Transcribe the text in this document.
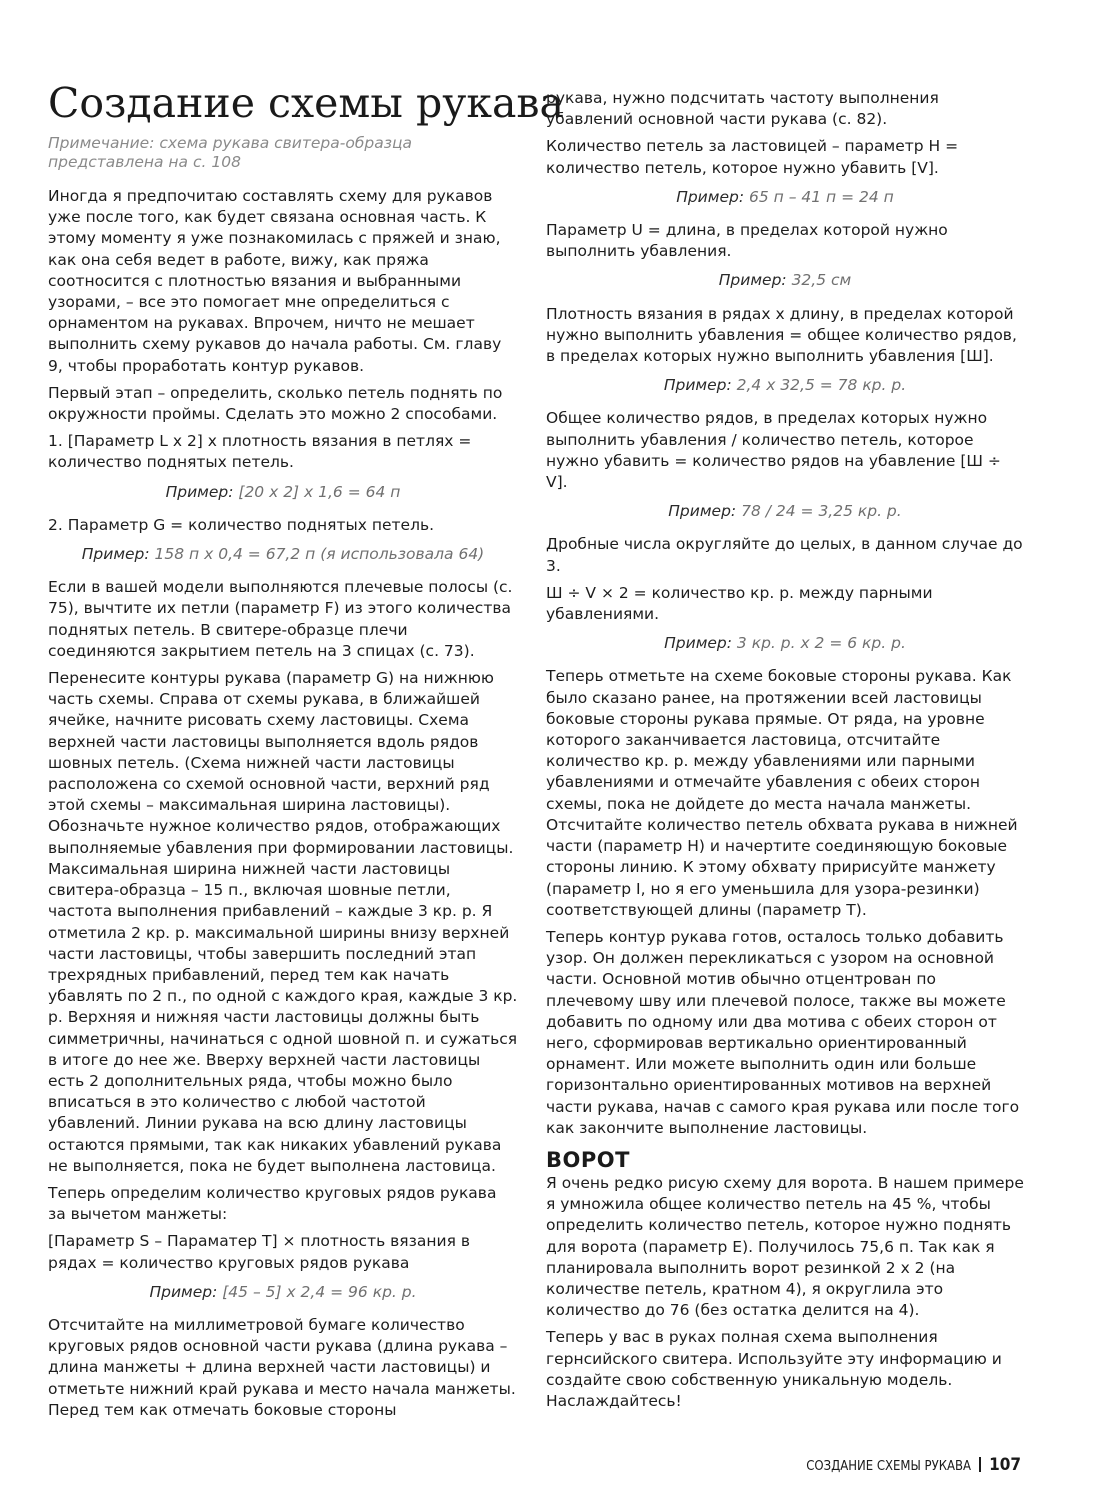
Создание схемы рукава

Примечание: схема рукава свитера-образца представлена на с. 108

Иногда я предпочитаю составлять схему для рукавов уже после того, как будет связана основная часть. К этому моменту я уже познакомилась с пряжей и знаю, как она себя ведет в работе, вижу, как пряжа соотносится с плотностью вязания и выбранными узорами, – все это помогает мне определиться с орнаментом на рукавах. Впрочем, ничто не мешает выполнить схему рукавов до начала работы. См. главу 9, чтобы проработать контур рукавов.

Первый этап – определить, сколько петель поднять по окружности проймы. Сделать это можно 2 способами.

1. [Параметр L х 2] х плотность вязания в петлях = количество поднятых петель.

Пример: [20 х 2] х 1,6 = 64 п

2. Параметр G = количество поднятых петель.

Пример: 158 п х 0,4 = 67,2 п (я использовала 64)

Если в вашей модели выполняются плечевые полосы (с. 75), вычтите их петли (параметр F) из этого количества поднятых петель. В свитере-образце плечи соединяются закрытием петель на 3 спицах (с. 73).

Перенесите контуры рукава (параметр G) на нижнюю часть схемы. Справа от схемы рукава, в ближайшей ячейке, начните рисовать схему ластовицы. Схема верхней части ластовицы выполняется вдоль рядов шовных петель. (Схема нижней части ластовицы расположена со схемой основной части, верхний ряд этой схемы – максимальная ширина ластовицы). Обозначьте нужное количество рядов, отображающих выполняемые убавления при формировании ластовицы. Максимальная ширина нижней части ластовицы свитера-образца – 15 п., включая шовные петли, частота выполнения прибавлений – каждые 3 кр. р. Я отметила 2 кр. р. максимальной ширины внизу верхней части ластовицы, чтобы завершить последний этап трехрядных прибавлений, перед тем как начать убавлять по 2 п., по одной с каждого края, каждые 3 кр. р. Верхняя и нижняя части ластовицы должны быть симметричны, начинаться с одной шовной п. и сужаться в итоге до нее же. Вверху верхней части ластовицы есть 2 дополнительных ряда, чтобы можно было вписаться в это количество с любой частотой убавлений. Линии рукава на всю длину ластовицы остаются прямыми, так как никаких убавлений рукава не выполняется, пока не будет выполнена ластовица.

Теперь определим количество круговых рядов рукава за вычетом манжеты:

[Параметр S – Параматер T] × плотность вязания в рядах = количество круговых рядов рукава

Пример: [45 – 5] х 2,4 = 96 кр. р.

Отсчитайте на миллиметровой бумаге количество круговых рядов основной части рукава (длина рукава – длина манжеты + длина верхней части ластовицы) и отметьте нижний край рукава и место начала манжеты. Перед тем как отмечать боковые стороны

рукава, нужно подсчитать частоту выполнения убавлений основной части рукава (с. 82).

Количество петель за ластовицей – параметр H = количество петель, которое нужно убавить [V].

Пример: 65 п – 41 п = 24 п

Параметр U = длина, в пределах которой нужно выполнить убавления.

Пример: 32,5 см

Плотность вязания в рядах х длину, в пределах которой нужно выполнить убавления = общее количество рядов, в пределах которых нужно выполнить убавления [Ш].

Пример: 2,4 х 32,5 = 78 кр. р.

Общее количество рядов, в пределах которых нужно выполнить убавления / количество петель, которое нужно убавить = количество рядов на убавление [Ш ÷ V].

Пример: 78 / 24 = 3,25 кр. р.

Дробные числа округляйте до целых, в данном случае до 3.

Ш ÷ V × 2 = количество кр. р. между парными убавлениями.

Пример: 3 кр. р. х 2 = 6 кр. р.

Теперь отметьте на схеме боковые стороны рукава. Как было сказано ранее, на протяжении всей ластовицы боковые стороны рукава прямые. От ряда, на уровне которого заканчивается ластовица, отсчитайте количество кр. р. между убавлениями или парными убавлениями и отмечайте убавления с обеих сторон схемы, пока не дойдете до места начала манжеты. Отсчитайте количество петель обхвата рукава в нижней части (параметр H) и начертите соединяющую боковые стороны линию. К этому обхвату пририсуйте манжету (параметр I, но я его уменьшила для узора-резинки) соответствующей длины (параметр T).

Теперь контур рукава готов, осталось только добавить узор. Он должен перекликаться с узором на основной части. Основной мотив обычно отцентрован по плечевому шву или плечевой полосе, также вы можете добавить по одному или два мотива с обеих сторон от него, сформировав вертикально ориентированный орнамент. Или можете выполнить один или больше горизонтально ориентированных мотивов на верхней части рукава, начав с самого края рукава или после того как закончите выполнение ластовицы.

ВОРОТ

Я очень редко рисую схему для ворота. В нашем примере я умножила общее количество петель на 45 %, чтобы определить количество петель, которое нужно поднять для ворота (параметр E). Получилось 75,6 п. Так как я планировала выполнить ворот резинкой 2 х 2 (на количестве петель, кратном 4), я округлила это количество до 76 (без остатка делится на 4).

Теперь у вас в руках полная схема выполнения гернсийского свитера. Используйте эту информацию и создайте свою собственную уникальную модель. Наслаждайтесь!

СОЗДАНИЕ СХЕМЫ РУКАВА 107
